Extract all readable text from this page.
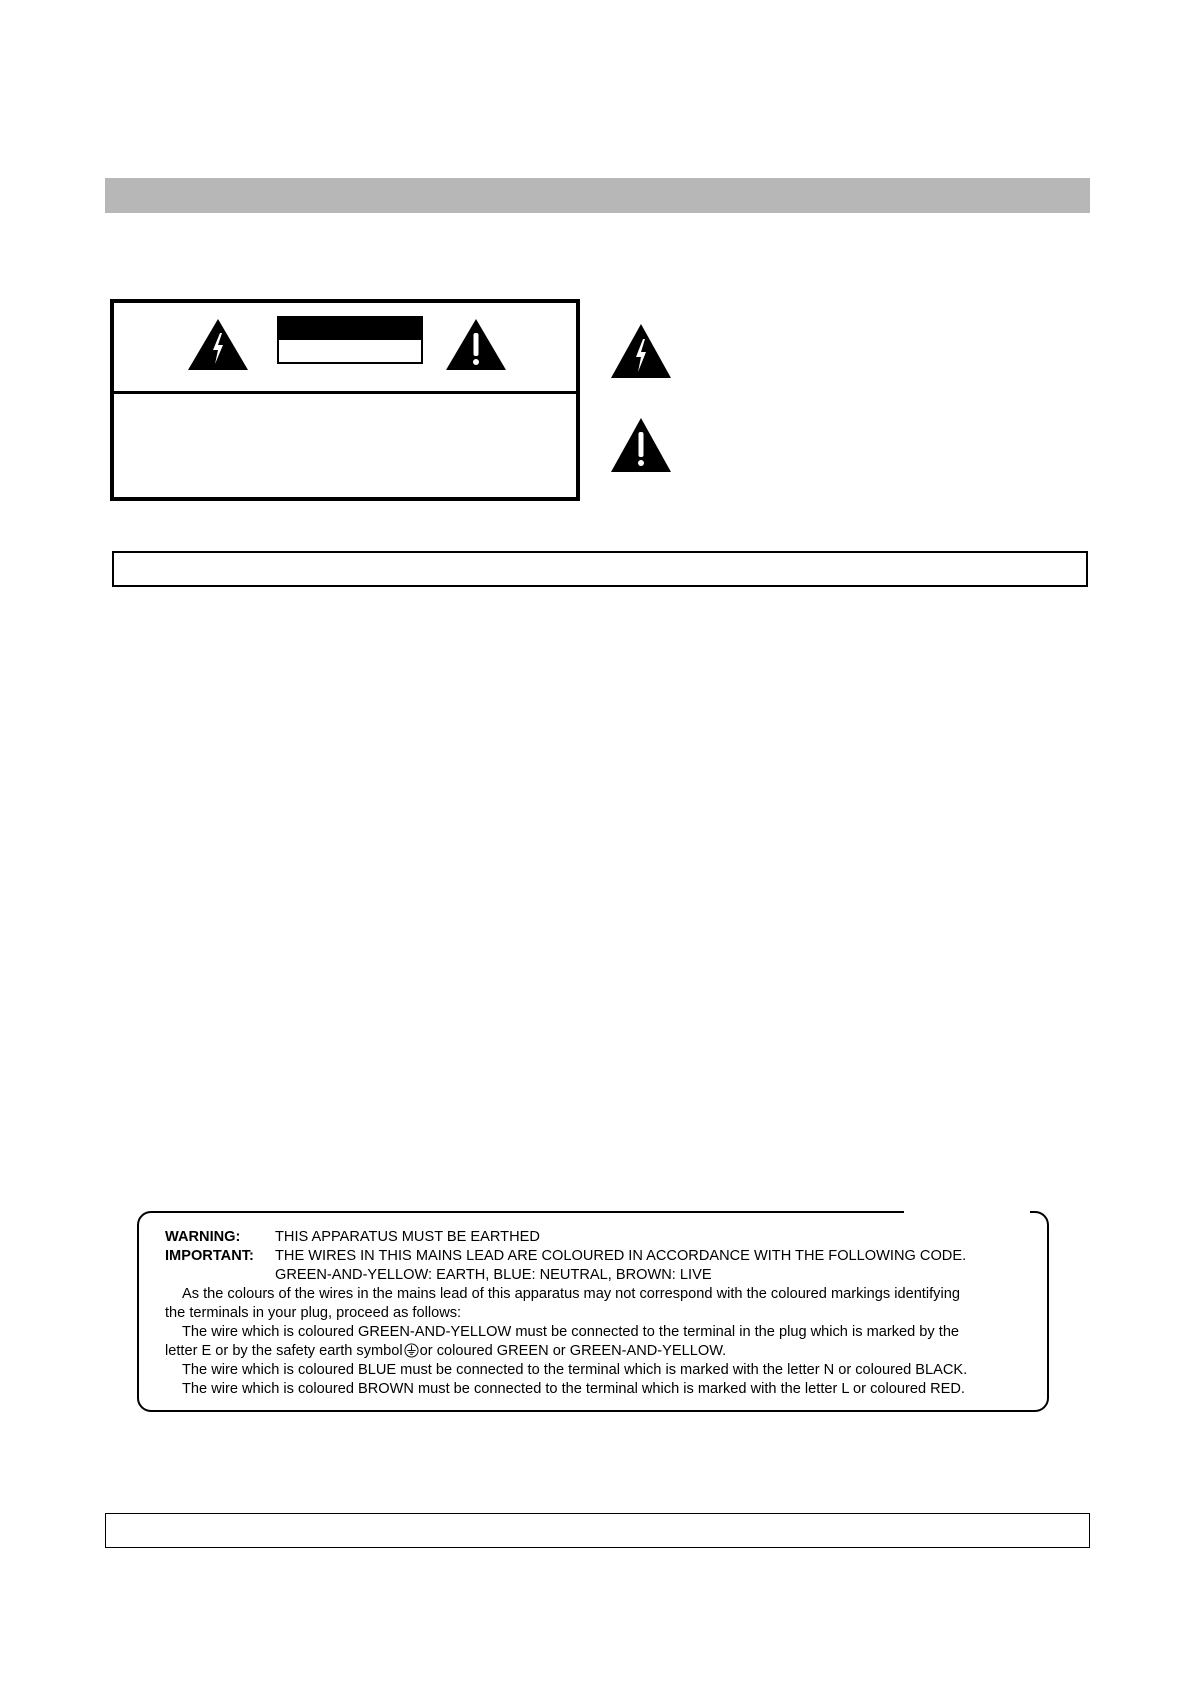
WARNING: THIS APPARATUS MUST BE EARTHED
IMPORTANT: THE WIRES IN THIS MAINS LEAD ARE COLOURED IN ACCORDANCE WITH THE FOLLOWING CODE.
GREEN-AND-YELLOW: EARTH, BLUE: NEUTRAL, BROWN: LIVE
As the colours of the wires in the mains lead of this apparatus may not correspond with the coloured markings identifying
the terminals in your plug, proceed as follows:
The wire which is coloured GREEN-AND-YELLOW must be connected to the terminal in the plug which is marked by the
letter E or by the safety earth symbol or coloured GREEN or GREEN-AND-YELLOW.
The wire which is coloured BLUE must be connected to the terminal which is marked with the letter N or coloured BLACK.
The wire which is coloured BROWN must be connected to the terminal which is marked with the letter L or coloured RED.
